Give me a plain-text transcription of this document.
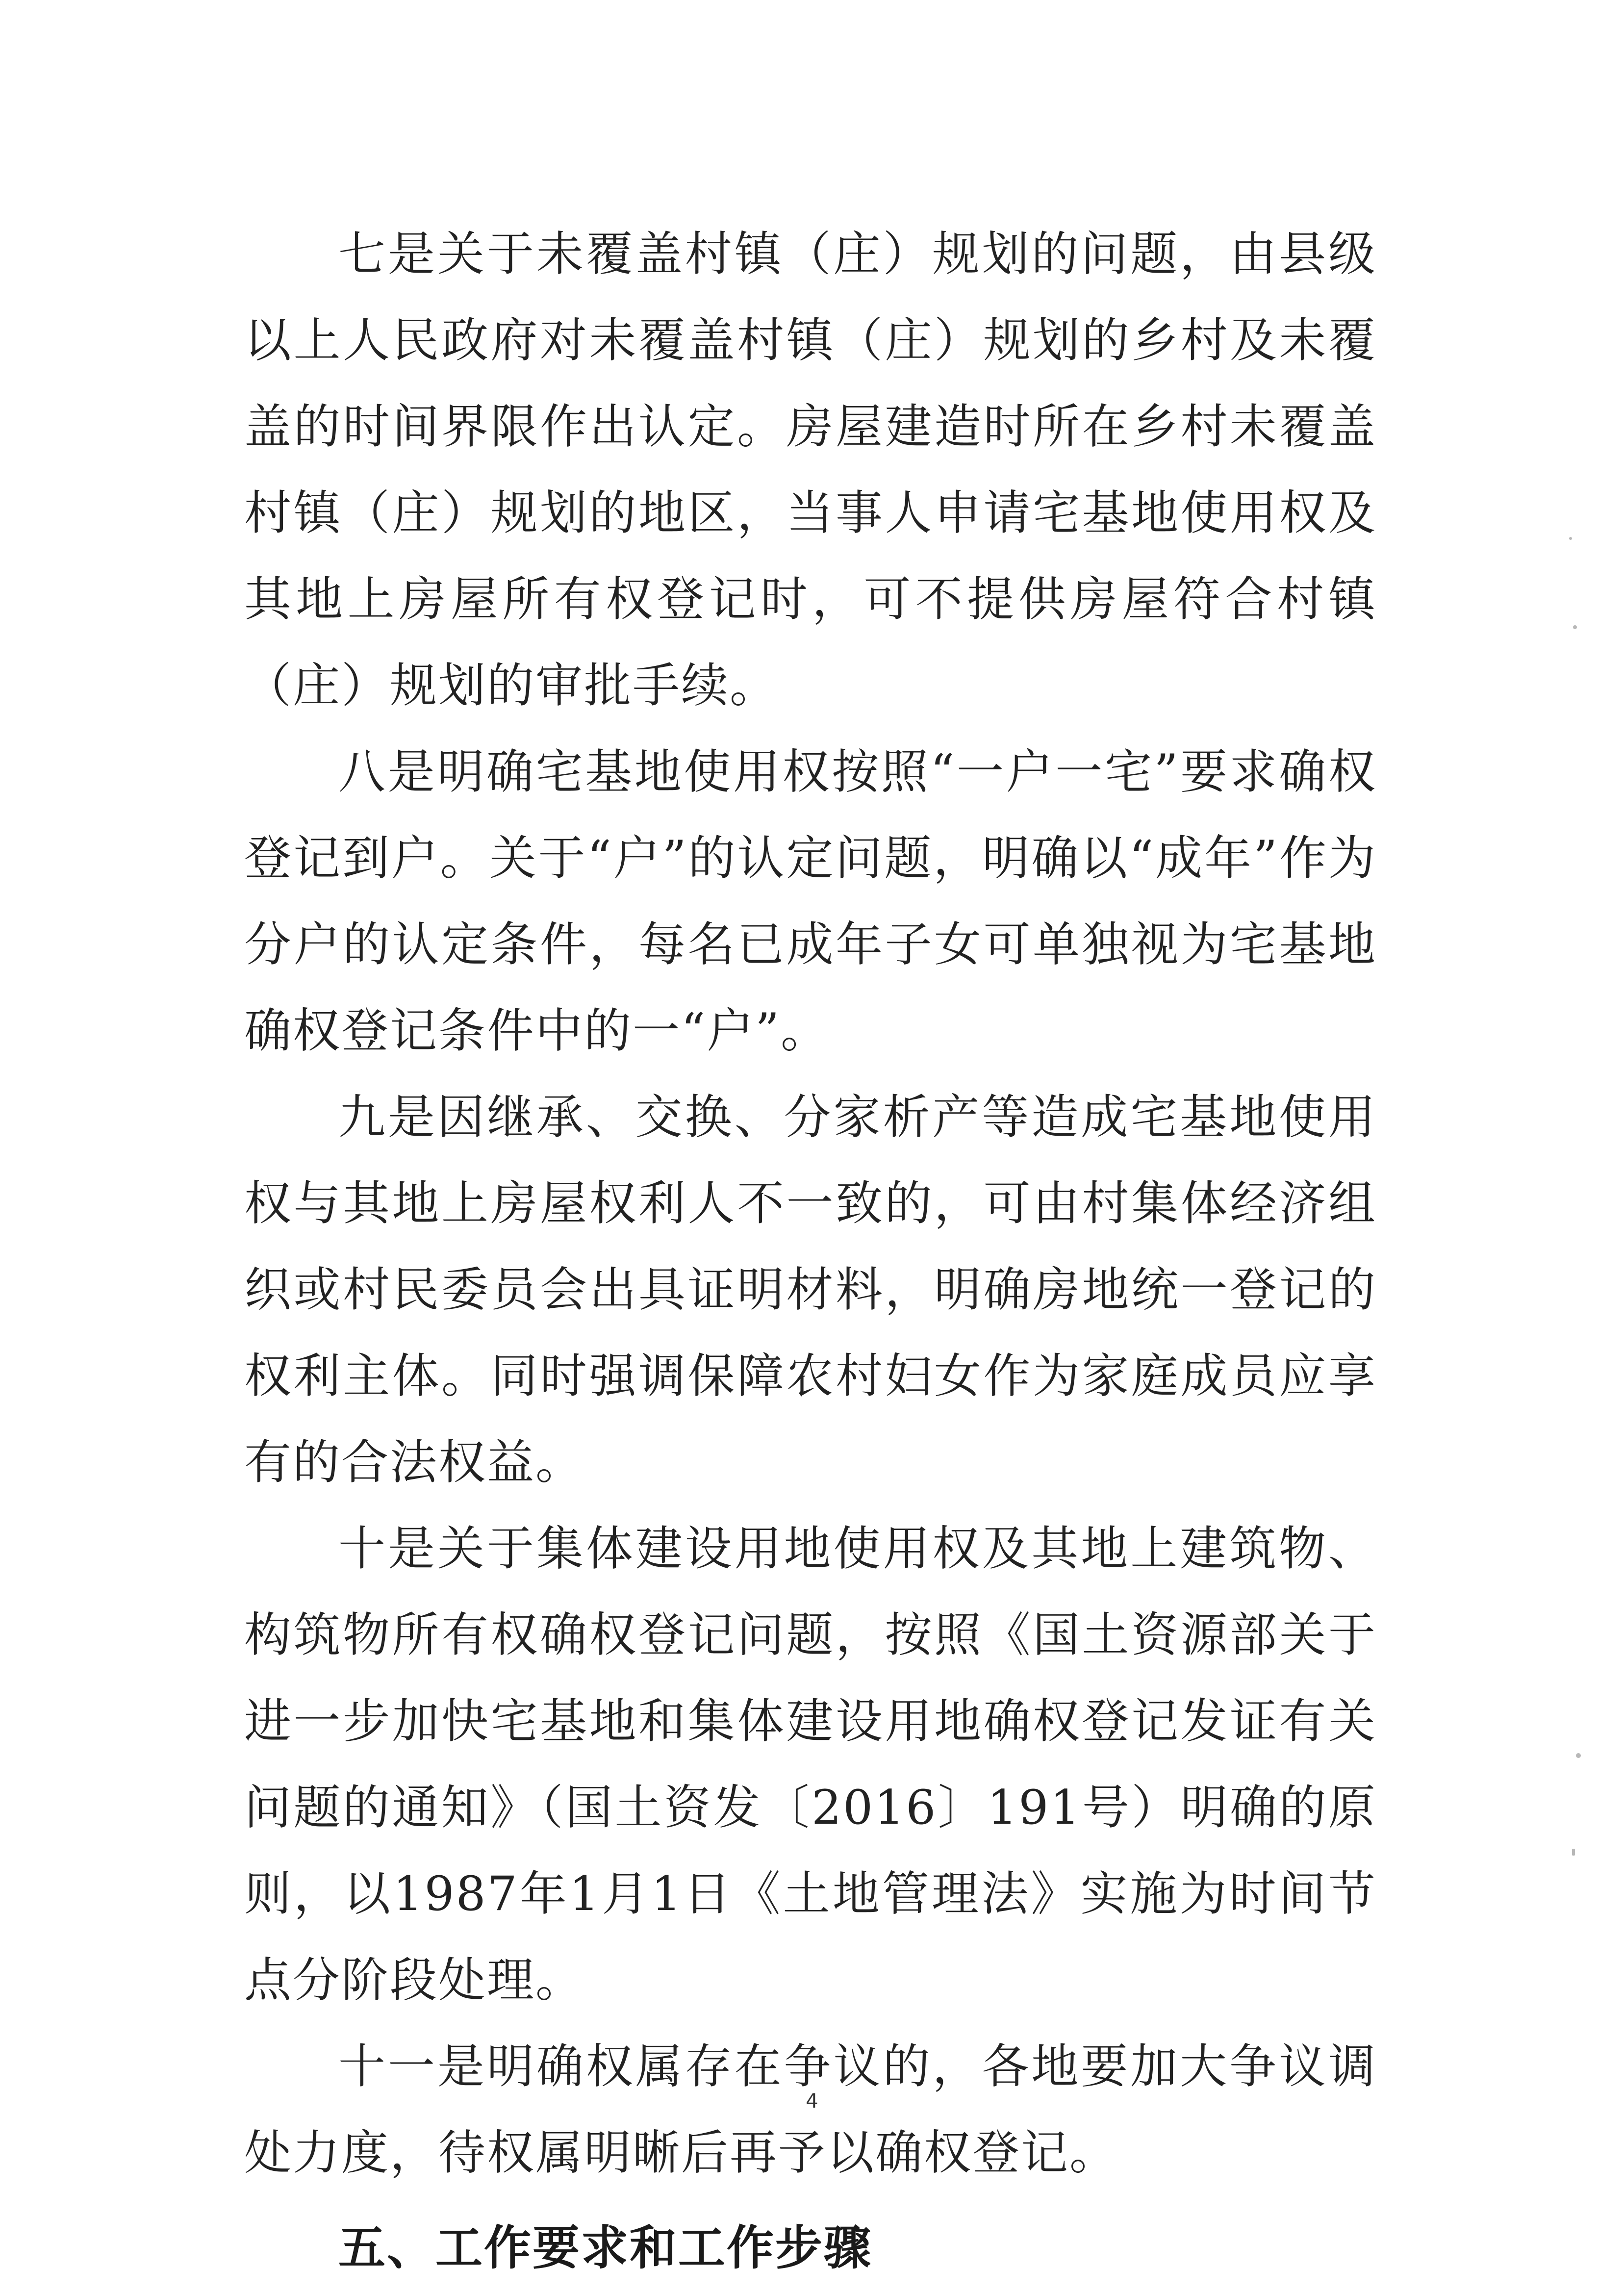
七是关于未覆盖村镇（庄）规划的问题，由县级以上人民政府对未覆盖村镇（庄）规划的乡村及未覆盖的时间界限作出认定。房屋建造时所在乡村未覆盖村镇（庄）规划的地区，当事人申请宅基地使用权及其地上房屋所有权登记时，可不提供房屋符合村镇（庄）规划的审批手续。

八是明确宅基地使用权按照“一户一宅”要求确权登记到户。关于“户”的认定问题，明确以“成年”作为分户的认定条件，每名已成年子女可单独视为宅基地确权登记条件中的一“户”。

九是因继承、交换、分家析产等造成宅基地使用权与其地上房屋权利人不一致的，可由村集体经济组织或村民委员会出具证明材料，明确房地统一登记的权利主体。同时强调保障农村妇女作为家庭成员应享有的合法权益。

十是关于集体建设用地使用权及其地上建筑物、构筑物所有权确权登记问题，按照《国土资源部关于进一步加快宅基地和集体建设用地确权登记发证有关问题的通知》（国土资发〔2016〕191号）明确的原则，以1987年1月1日《土地管理法》实施为时间节点分阶段处理。

十一是明确权属存在争议的，各地要加大争议调处力度，待权属明晰后再予以确权登记。

五、工作要求和工作步骤

4
